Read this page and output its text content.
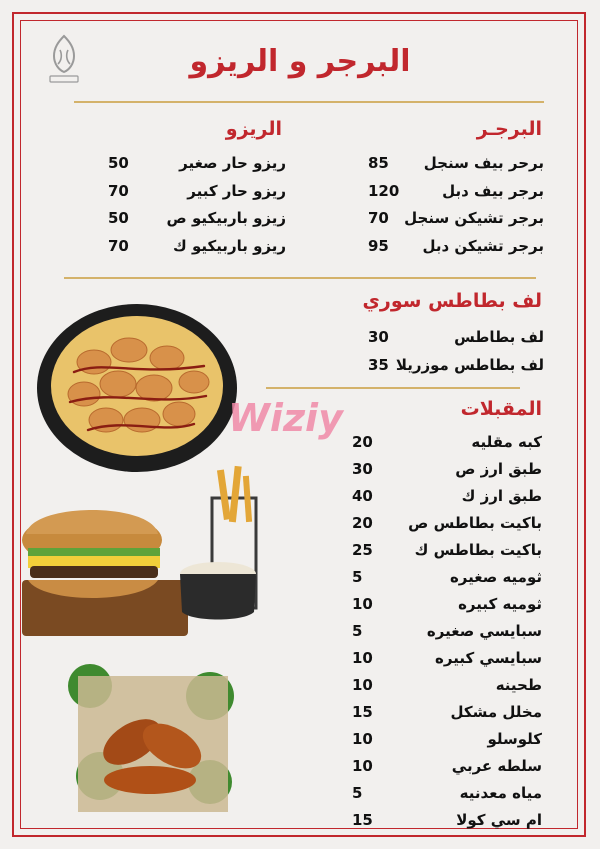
البرجر و الريزو
البرجـر
الريزو
برحر بيف سنجل
85
برجر بيف دبل
120
برجر تشيكن سنجل
70
برجر تشيكن دبل
95
ريزو حار صغير
50
ريزو حار كبير
70
زيزو باربيكيو ص
50
ريزو باربيكيو ك
70
لف بطاطس سوري
لف بطاطس
30
لف بطاطس موزريلا
35
المقبلات
كبه مقليه
20
طبق ارز ص
30
طبق ارز ك
40
باكيت بطاطس ص
20
باكيت بطاطس ك
25
ثوميه صغيره
5
ثوميه كبيره
10
سبايسي صغيره
5
سبايسي كبيره
10
طحينه
10
مخلل مشكل
15
كلوسلو
10
سلطه عربي
10
مياه معدنيه
5
ام سي كولا
15
Wiziy
